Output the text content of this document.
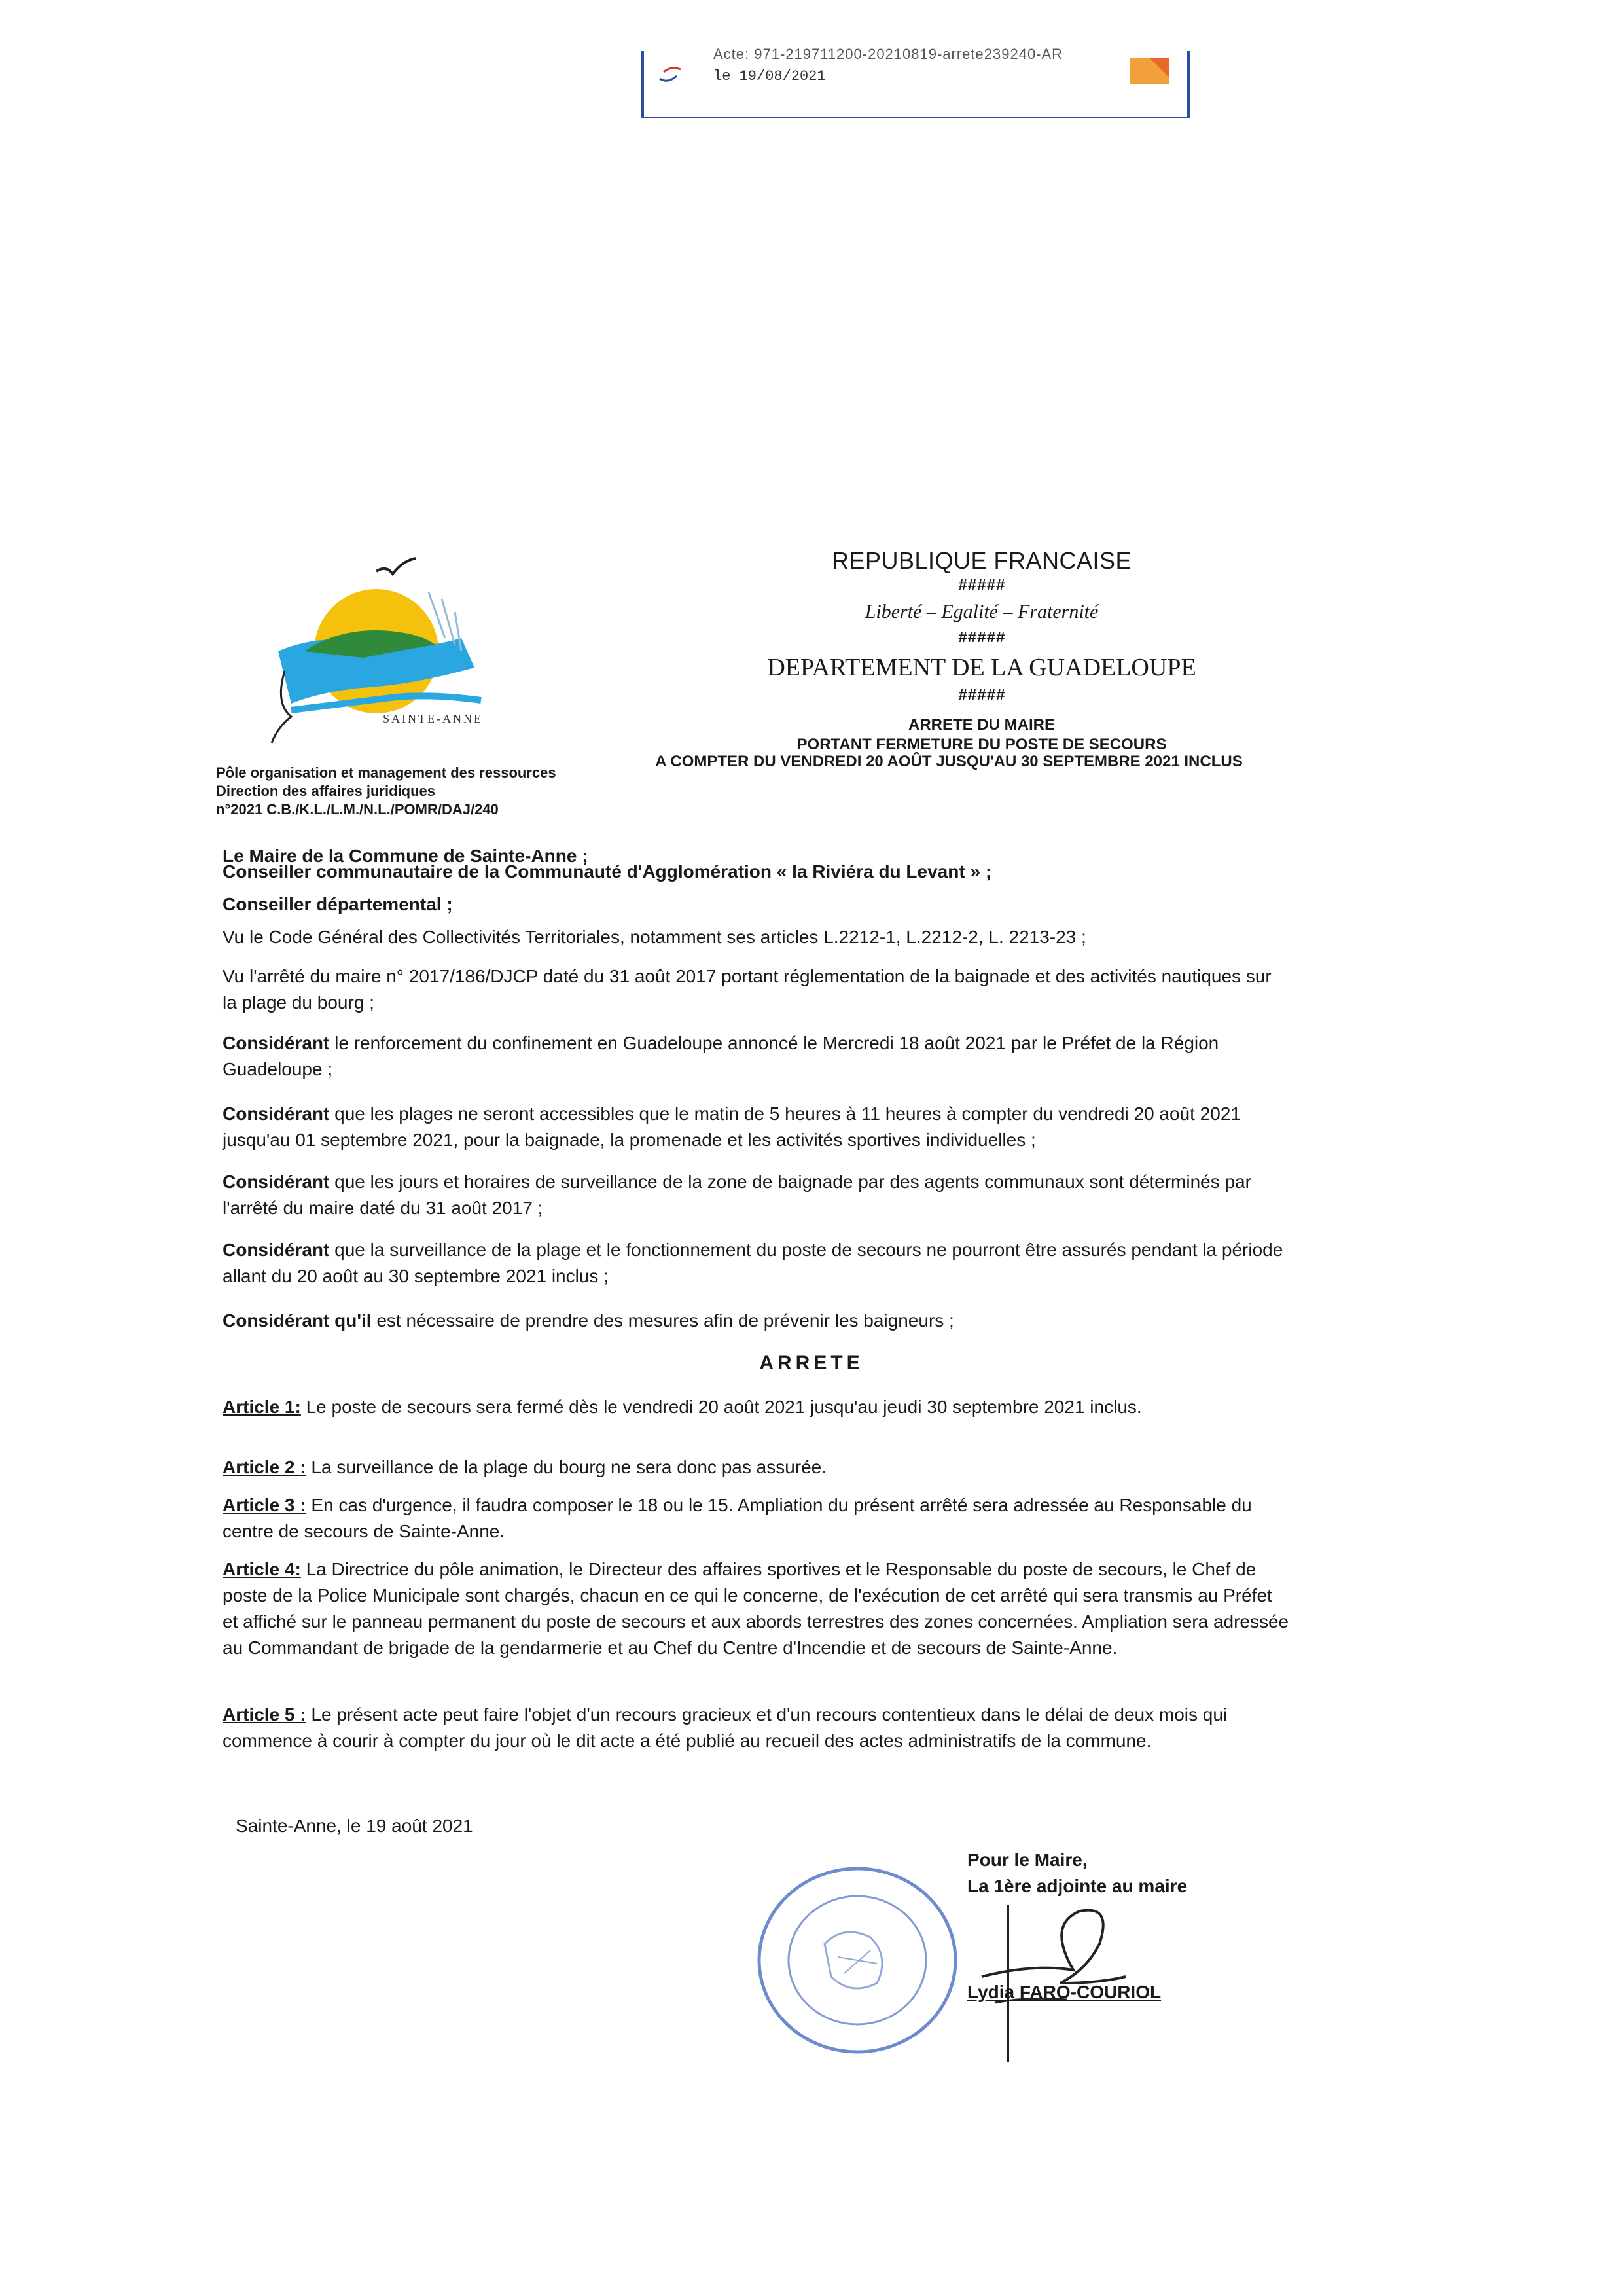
Acte: 971-219711200-20210819-arrete239240-AR
le 19/08/2021
SAINTE-ANNE
REPUBLIQUE FRANCAISE
#####
Liberté – Egalité – Fraternité
#####
DEPARTEMENT DE LA GUADELOUPE
#####
ARRETE DU MAIRE
PORTANT FERMETURE DU POSTE DE SECOURS
A COMPTER DU VENDREDI 20 AOÛT JUSQU'AU 30 SEPTEMBRE 2021 INCLUS
Pôle organisation et management des ressources
Direction des affaires juridiques
n°2021 C.B./K.L./L.M./N.L./POMR/DAJ/240
Le Maire de la Commune de Sainte-Anne ;
Conseiller communautaire de la Communauté d'Agglomération « la Riviéra du Levant » ;
Conseiller départemental ;
Vu le Code Général des Collectivités Territoriales, notamment ses articles L.2212-1, L.2212-2, L. 2213-23 ;
Vu l'arrêté du maire n° 2017/186/DJCP daté du 31 août 2017 portant réglementation de la baignade et des activités nautiques sur la plage du bourg ;
Considérant le renforcement du confinement en Guadeloupe annoncé le Mercredi 18 août 2021 par le Préfet de la Région Guadeloupe ;
Considérant que les plages ne seront accessibles que le matin de 5 heures à 11 heures à compter du vendredi 20 août 2021 jusqu'au 01 septembre 2021, pour la baignade, la promenade et les activités sportives individuelles ;
Considérant que les jours et horaires de surveillance de la zone de baignade par des agents communaux sont déterminés par l'arrêté du maire daté du 31 août 2017 ;
Considérant que la surveillance de la plage et le fonctionnement du poste de secours ne pourront être assurés pendant la période allant du 20 août au 30 septembre 2021 inclus ;
Considérant qu'il est nécessaire de prendre des mesures afin de prévenir les baigneurs ;
ARRETE
Article 1: Le poste de secours sera fermé dès le vendredi 20 août 2021 jusqu'au jeudi 30 septembre 2021 inclus.
Article 2 : La surveillance de la plage du bourg ne sera donc pas assurée.
Article 3 : En cas d'urgence, il faudra composer le 18 ou le 15. Ampliation du présent arrêté sera adressée au Responsable du centre de secours de Sainte-Anne.
Article 4: La Directrice du pôle animation, le Directeur des affaires sportives et le Responsable du poste de secours, le Chef de poste de la Police Municipale sont chargés, chacun en ce qui le concerne, de l'exécution de cet arrêté qui sera transmis au Préfet et affiché sur le panneau permanent du poste de secours et aux abords terrestres des zones concernées. Ampliation sera adressée au Commandant de brigade de la gendarmerie et au Chef du Centre d'Incendie et de secours de Sainte-Anne.
Article 5 : Le présent acte peut faire l'objet d'un recours gracieux et d'un recours contentieux dans le délai de deux mois qui commence à courir à compter du jour où le dit acte a été publié au recueil des actes administratifs de la commune.
Sainte-Anne, le 19 août 2021
Pour le Maire,
La 1ère adjointe au maire
Lydia FARO-COURIOL
